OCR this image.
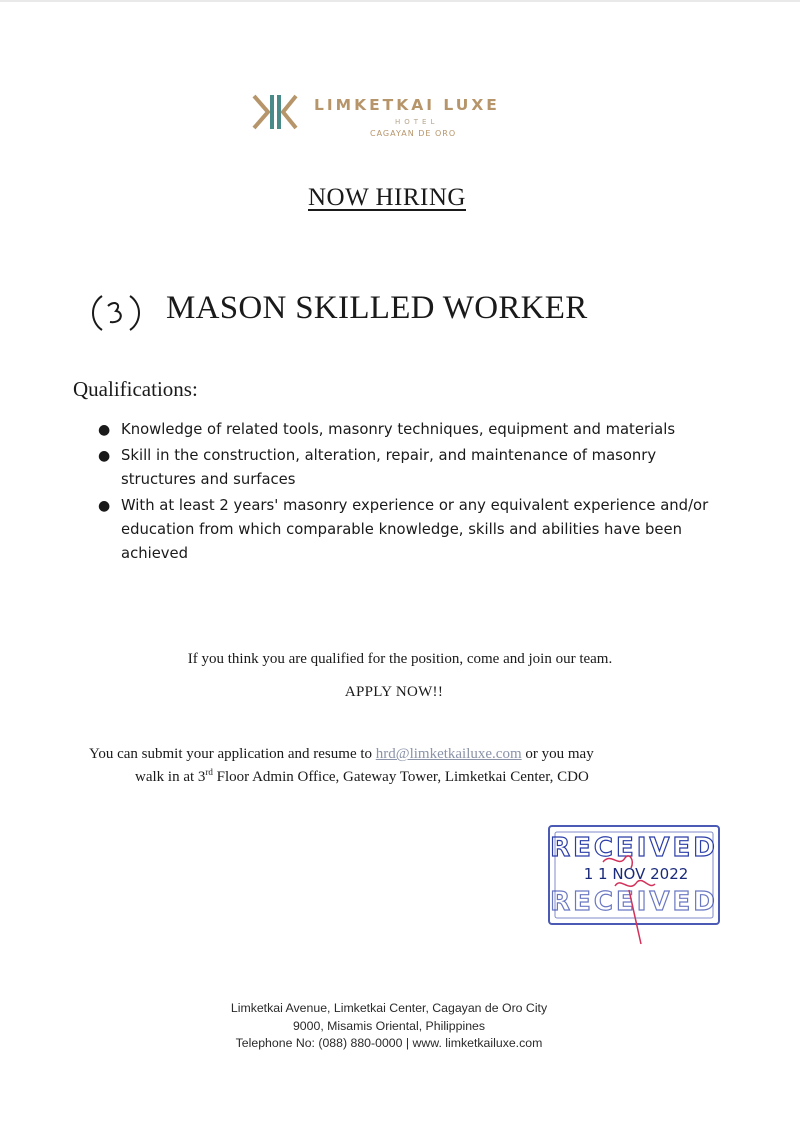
LIMKETKAI LUXE
HOTEL
CAGAYAN DE ORO
NOW HIRING
MASON SKILLED WORKER
Qualifications:
● Knowledge of related tools, masonry techniques, equipment and materials
● Skill in the construction, alteration, repair, and maintenance of masonry structures and surfaces
● With at least 2 years' masonry experience or any equivalent experience and/or education from which comparable knowledge, skills and abilities have been achieved
If you think you are qualified for the position, come and join our team.
APPLY NOW!!
You can submit your application and resume to hrd@limketkailuxe.com or you may
walk in at 3rd Floor Admin Office, Gateway Tower, Limketkai Center, CDO
RECEIVED
1 1 NOV 2022
RECEIVED
Limketkai Avenue, Limketkai Center, Cagayan de Oro City
9000, Misamis Oriental, Philippines
Telephone No: (088) 880-0000 | www. limketkailuxe.com
